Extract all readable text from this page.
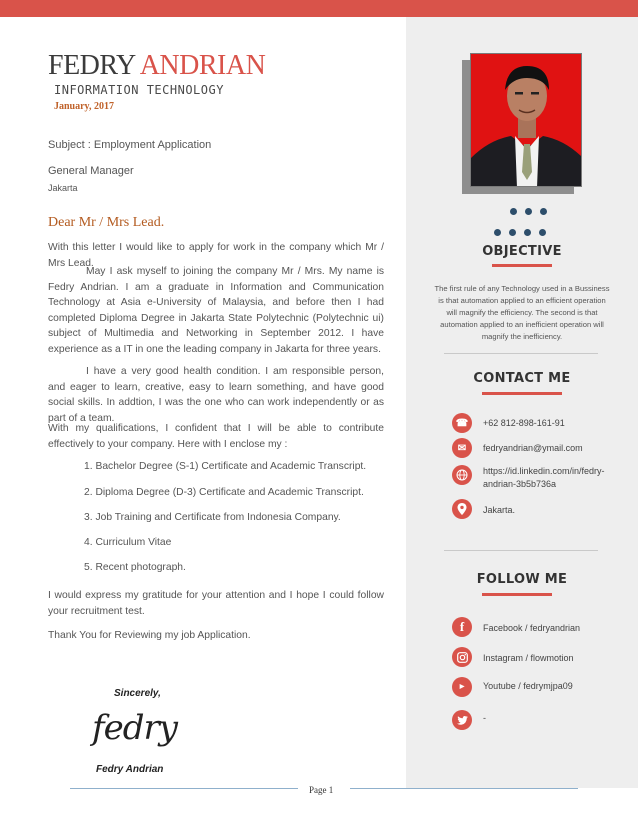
FEDRY ANDRIAN
INFORMATION TECHNOLOGY
January, 2017
Subject : Employment Application
General Manager
Jakarta
Dear Mr / Mrs Lead.
With this letter I would like to apply for work in the company which Mr / Mrs Lead.
May I ask myself to joining the company Mr / Mrs. My name is Fedry Andrian. I am a graduate in Information and Communication Technology at Asia e-University of Malaysia, and before then I had completed Diploma Degree in Jakarta State Polytechnic (Polytechnic ui) subject of Multimedia and Networking in September 2012. I have experience as a IT in one the leading company in Jakarta for three years.
I have a very good health condition. I am responsible person, and eager to learn, creative, easy to learn something, and have good social skills. In addtion, I was the one who can work independently or as part of a team.
With my qualifications, I confident that I will be able to contribute effectively to your company. Here with I enclose my :
1. Bachelor Degree (S-1) Certificate and Academic Transcript.
2. Diploma Degree (D-3) Certificate and Academic Transcript.
3. Job Training and Certificate from Indonesia Company.
4. Curriculum Vitae
5. Recent photograph.
I would express my gratitude for your attention and I hope I could follow your recruitment test.
Thank You for Reviewing my job Application.
Sincerely,
fedry
Fedry Andrian
Page 1
OBJECTIVE
The first rule of any Technology used in a Bussiness is that automation applied to an efficient operation will magnify the efficiency. The second is that automation applied to an inefficient operation will magnify the inefficiency.
CONTACT ME
☎	+62 812-898-161-91
✉	fedryandrian@ymail.com
https://id.linkedin.com/in/fedry-
andrian-3b5b736a
Jakarta.
FOLLOW ME
f	Facebook / fedryandrian
Instagram / flowmotion
▶	Youtube / fedrymjpa09
-
